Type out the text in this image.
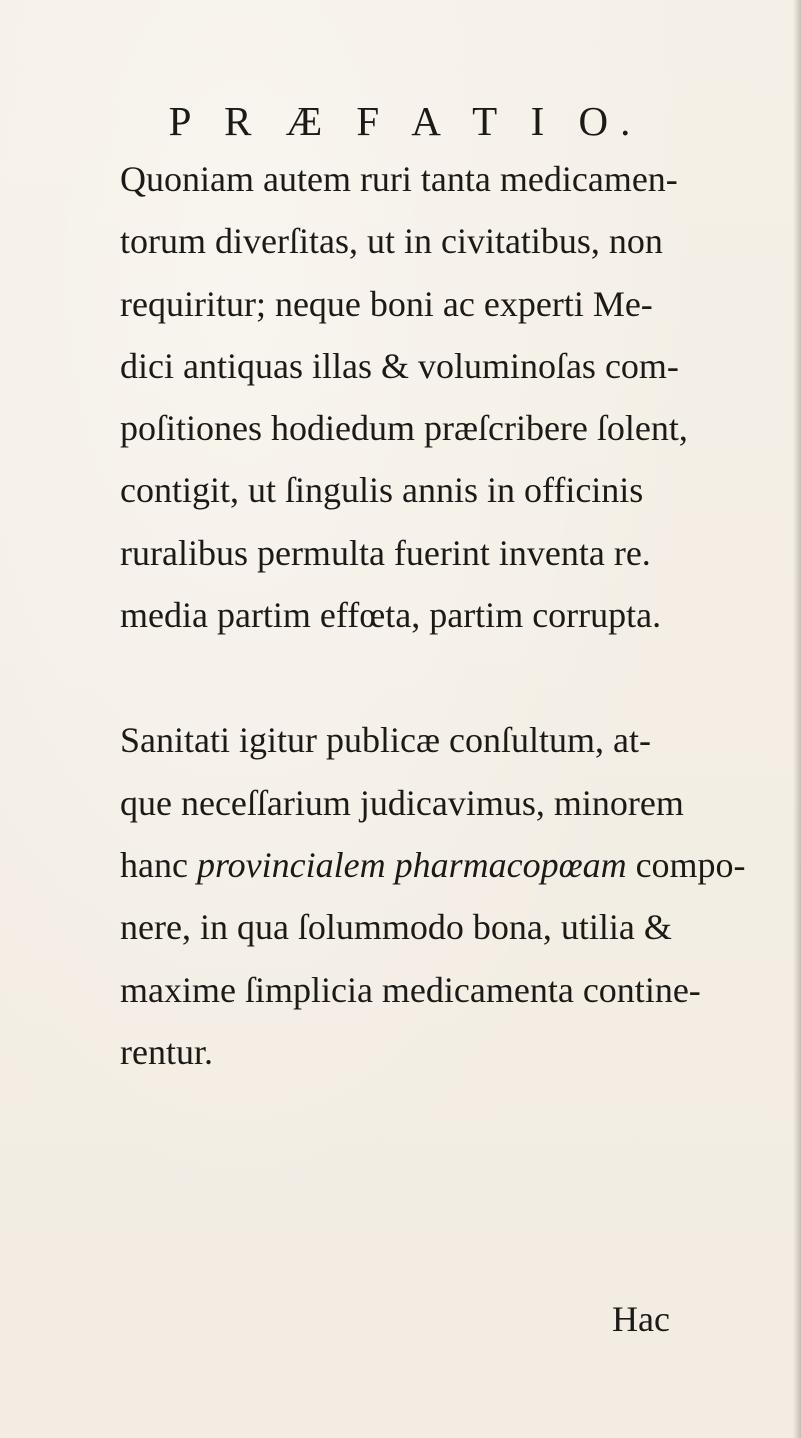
P R Æ F A T I O.
Quoniam autem ruri tanta medicamen-
torum diverſitas, ut in civitatibus, non
requiritur; neque boni ac experti Me-
dici antiquas illas & voluminoſas com-
poſitiones hodiedum præſcribere ſolent,
contigit, ut ſingulis annis in officinis
ruralibus permulta fuerint inventa re.
media partim effœta, partim corrupta.
Sanitati igitur publicæ conſultum, at-
que neceſſarium judicavimus, minorem
hanc provincialem pharmacopœam compo-
nere, in qua ſolummodo bona, utilia &
maxime ſimplicia medicamenta contine-
rentur.
Hac
